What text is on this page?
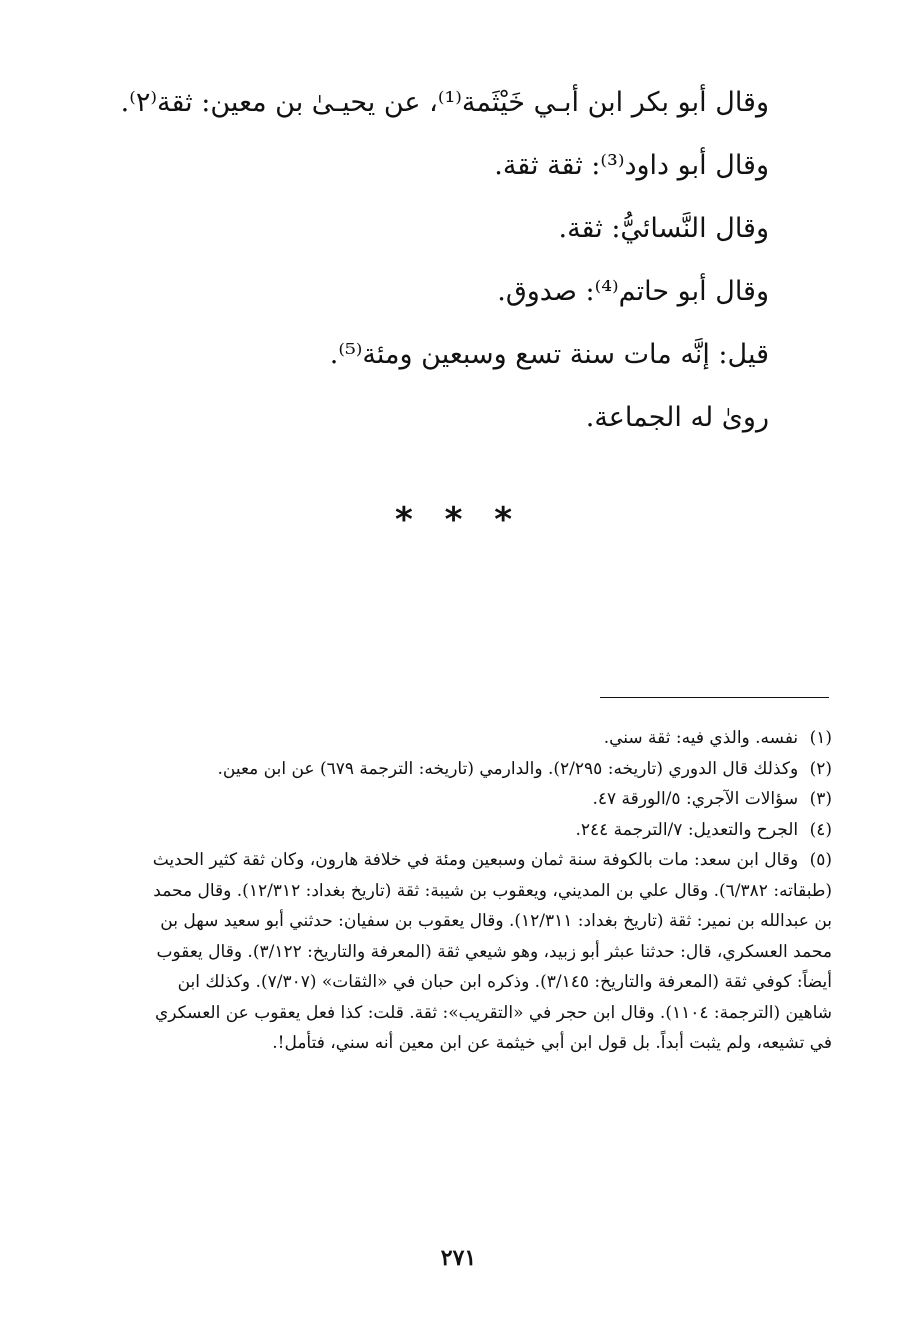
وقال أبو بكر ابن أبـي خَيْثَمة⁽¹⁾، عن يحيـىٰ بن معين: ثقة⁽٢⁾.

وقال أبو داود⁽³⁾: ثقة ثقة.

وقال النَّسائيُّ: ثقة.

وقال أبو حاتم⁽⁴⁾: صدوق.

قيل: إنَّه مات سنة تسع وسبعين ومئة⁽⁵⁾.

روىٰ له الجماعة.

* * *

(١) نفسه. والذي فيه: ثقة سني.

(٢) وكذلك قال الدوري (تاريخه: ٢/٢٩٥). والدارمي (تاريخه: الترجمة ٦٧٩) عن ابن معين.

(٣) سؤالات الآجري: ٥/الورقة ٤٧.

(٤) الجرح والتعديل: ٧/الترجمة ٢٤٤.

(٥) وقال ابن سعد: مات بالكوفة سنة ثمان وسبعين ومئة في خلافة هارون، وكان ثقة كثير الحديث (طبقاته: ٦/٣٨٢). وقال علي بن المديني، ويعقوب بن شيبة: ثقة (تاريخ بغداد: ١٢/٣١٢). وقال محمد بن عبدالله بن نمير: ثقة (تاريخ بغداد: ١٢/٣١١). وقال يعقوب بن سفيان: حدثني أبو سعيد سهل بن محمد العسكري، قال: حدثنا عبثر أبو زبيد، وهو شيعي ثقة (المعرفة والتاريخ: ٣/١٢٢). وقال يعقوب أيضاً: كوفي ثقة (المعرفة والتاريخ: ٣/١٤٥). وذكره ابن حبان في «الثقات» (٧/٣٠٧). وكذلك ابن شاهين (الترجمة: ١١٠٤). وقال ابن حجر في «التقريب»: ثقة. قلت: كذا فعل يعقوب عن العسكري في تشيعه، ولم يثبت أبداً. بل قول ابن أبي خيثمة عن ابن معين أنه سني، فتأمل!.

٢٧١
